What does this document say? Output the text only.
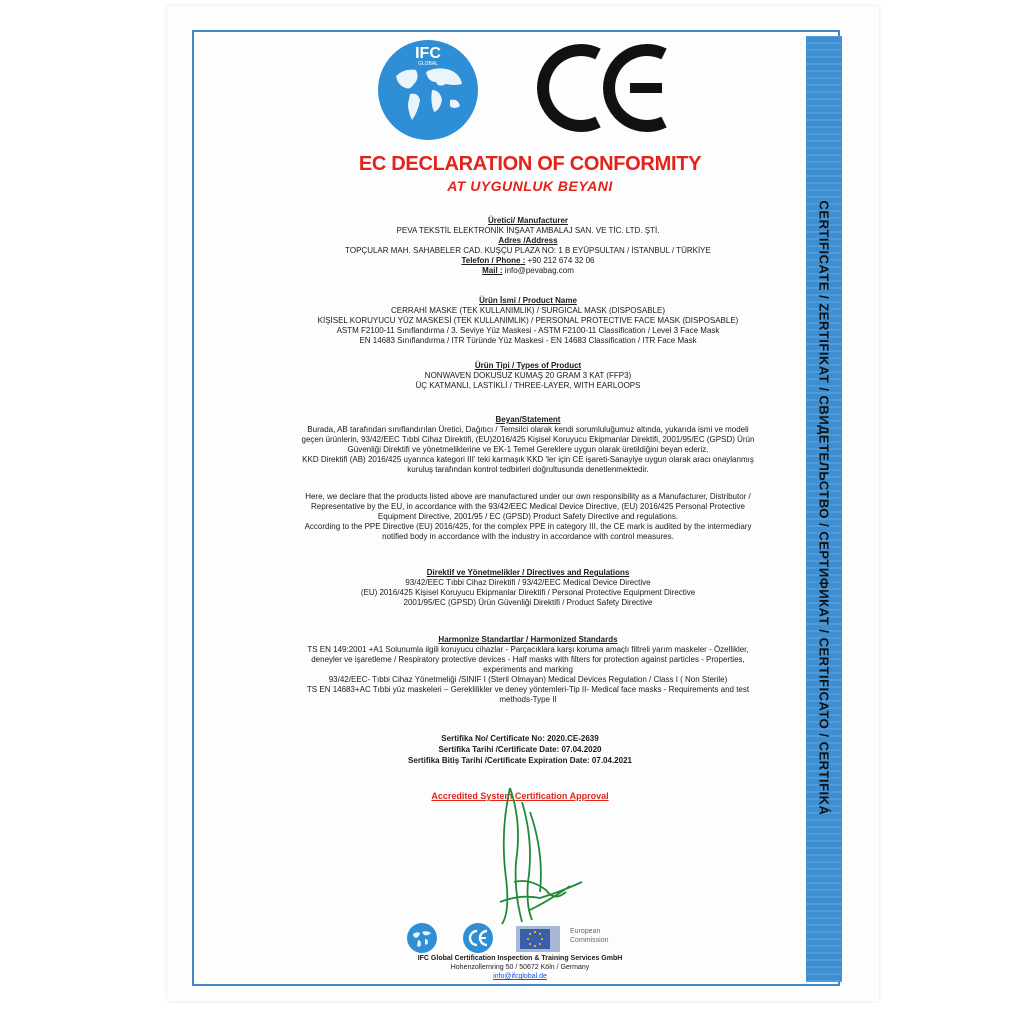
CERTIFICATE / ZERTIFIKAT / СВИДЕТЕЛЬСТВО / СЕРТИФИКАТ / CERTIFICATO / CERTIFIKÁ
IFC
GLOBAL
EC DECLARATION OF CONFORMITY
AT UYGUNLUK BEYANI

Üretici/ Manufacturer

PEVA TEKSTİL ELEKTRONİK İNŞAAT AMBALAJ SAN. VE TİC. LTD. ŞTİ.

Adres /Address

TOPÇULAR MAH. SAHABELER CAD. KUŞÇU PLAZA NO: 1 B EYÜPSULTAN / İSTANBUL / TÜRKİYE

Telefon / Phone : +90 212 674 32 06

Mail : info@pevabag.com

Ürün İsmi / Product Name

CERRAHİ MASKE (TEK KULLANIMLIK) / SURGICAL MASK (DISPOSABLE)

KİŞİSEL KORUYUCU YÜZ MASKESİ (TEK KULLANIMLIK) / PERSONAL PROTECTIVE FACE MASK (DISPOSABLE)

ASTM F2100-11 Sınıflandırma / 3. Seviye Yüz Maskesi - ASTM F2100-11 Classification / Level 3 Face Mask

EN 14683 Sınıflandırma / ITR Türünde Yüz Maskesi - EN 14683 Classification / ITR Face Mask

Ürün Tipi / Types of Product

NONWAVEN DOKUSUZ KUMAŞ 20 GRAM 3 KAT (FFP3)

ÜÇ KATMANLI, LASTİKLİ / THREE-LAYER, WITH EARLOOPS

Beyan/Statement

Burada, AB tarafından sınıflandırılan Üretici, Dağıtıcı / Temsilci olarak kendi sorumluluğumuz altında, yukarıda ismi ve modeli

geçen ürünlerin, 93/42/EEC Tıbbi Cihaz Direktifi, (EU)2016/425 Kişisel Koruyucu Ekipmanlar Direktifi, 2001/95/EC (GPSD) Ürün

Güvenliği Direktifi ve yönetmeliklerine ve EK-1 Temel Gereklere uygun olarak üretildiğini beyan ederiz.

KKD Direktifi (AB) 2016/425 uyarınca kategori III' teki karmaşık KKD 'ler için CE işareti-Sanayiye uygun olarak aracı onaylanmış

kuruluş tarafından kontrol tedbirleri doğrultusunda denetlenmektedir.

Here, we declare that the products listed above are manufactured under our own responsibility as a Manufacturer, Distributor /

Representative by the EU, in accordance with the 93/42/EEC Medical Device Directive, (EU) 2016/425 Personal Protective

Equipment Directive, 2001/95 / EC (GPSD) Product Safety Directive and regulations.

According to the PPE Directive (EU) 2016/425, for the complex PPE in category III, the CE mark is audited by the intermediary

notified body in accordance with the industry in accordance with control measures.

Direktif ve Yönetmelikler / Directives and Regulations

93/42/EEC Tıbbi Cihaz Direktifi / 93/42/EEC Medical Device Directive

(EU) 2016/425 Kişisel Koruyucu Ekipmanlar Direktifi / Personal Protective Equipment Directive

2001/95/EC (GPSD) Ürün Güvenliği Direktifi / Product Safety Directive

Harmonize Standartlar / Harmonized Standards

TS EN 149:2001 +A1 Solunumla ilgili koruyucu cihazlar - Parçacıklara karşı koruma amaçlı filtreli yarım maskeler - Özellikler,

deneyler ve işaretleme / Respiratory protective devices - Half masks with filters for protection against particles - Properties,

experiments and marking

93/42/EEC- Tıbbi Cihaz Yönetmeliği /SINIF I (Steril Olmayan) Medical Devices Regulation / Class I ( Non Sterile)

TS EN 14683+AC Tıbbi yüz maskeleri – Gereklilikler ve deney yöntemleri-Tip II- Medical face masks - Requirements and test

methods-Type II

Sertifika No/ Certificate No: 2020.CE-2639
Sertifika Tarihi /Certificate Date: 07.04.2020
Sertifika Bitiş Tarihi /Certificate Expiration Date: 07.04.2021
Accredited System Certification Approval
European
Commission
IFC Global Certification Inspection & Training Services GmbH
Hohenzollernring 50 / 50672 Köln / Germany
info@ifcglobal.de
